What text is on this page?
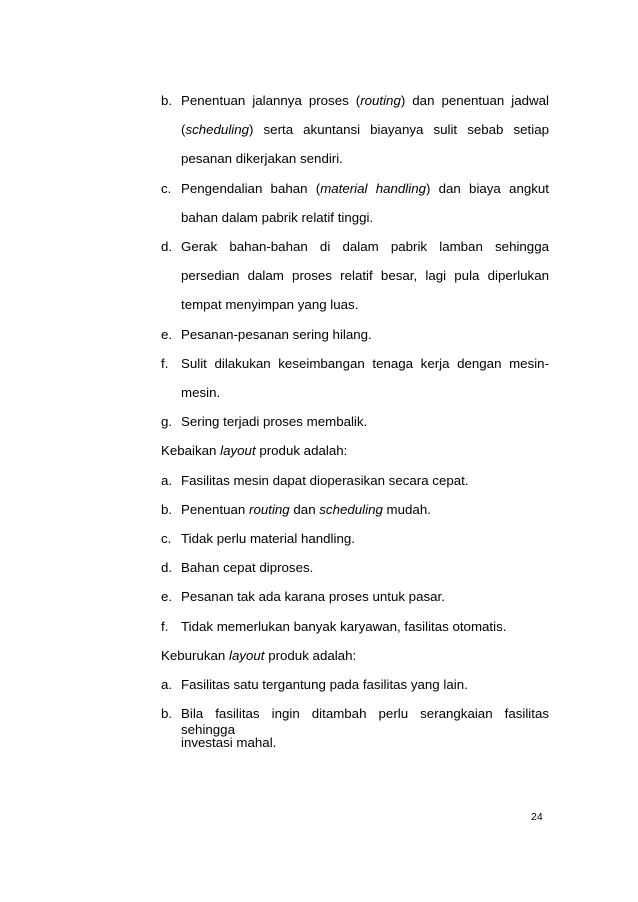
b. Penentuan jalannya proses (routing) dan penentuan jadwal
(scheduling) serta akuntansi biayanya sulit sebab setiap
pesanan dikerjakan sendiri.
c. Pengendalian bahan (material handling) dan biaya angkut
bahan dalam pabrik relatif tinggi.
d. Gerak bahan-bahan di dalam pabrik lamban sehingga
persedian dalam proses relatif besar, lagi pula diperlukan
tempat menyimpan yang luas.
e. Pesanan-pesanan sering hilang.
f. Sulit dilakukan keseimbangan tenaga kerja dengan mesin-
mesin.
g. Sering terjadi proses membalik.
Kebaikan layout produk adalah:
a. Fasilitas mesin dapat dioperasikan secara cepat.
b. Penentuan routing dan scheduling mudah.
c. Tidak perlu material handling.
d. Bahan cepat diproses.
e. Pesanan tak ada karana proses untuk pasar.
f. Tidak memerlukan banyak karyawan, fasilitas otomatis.
Keburukan layout produk adalah:
a. Fasilitas satu tergantung pada fasilitas yang lain.
b. Bila fasilitas ingin ditambah perlu serangkaian fasilitas sehingga
investasi mahal.
24
